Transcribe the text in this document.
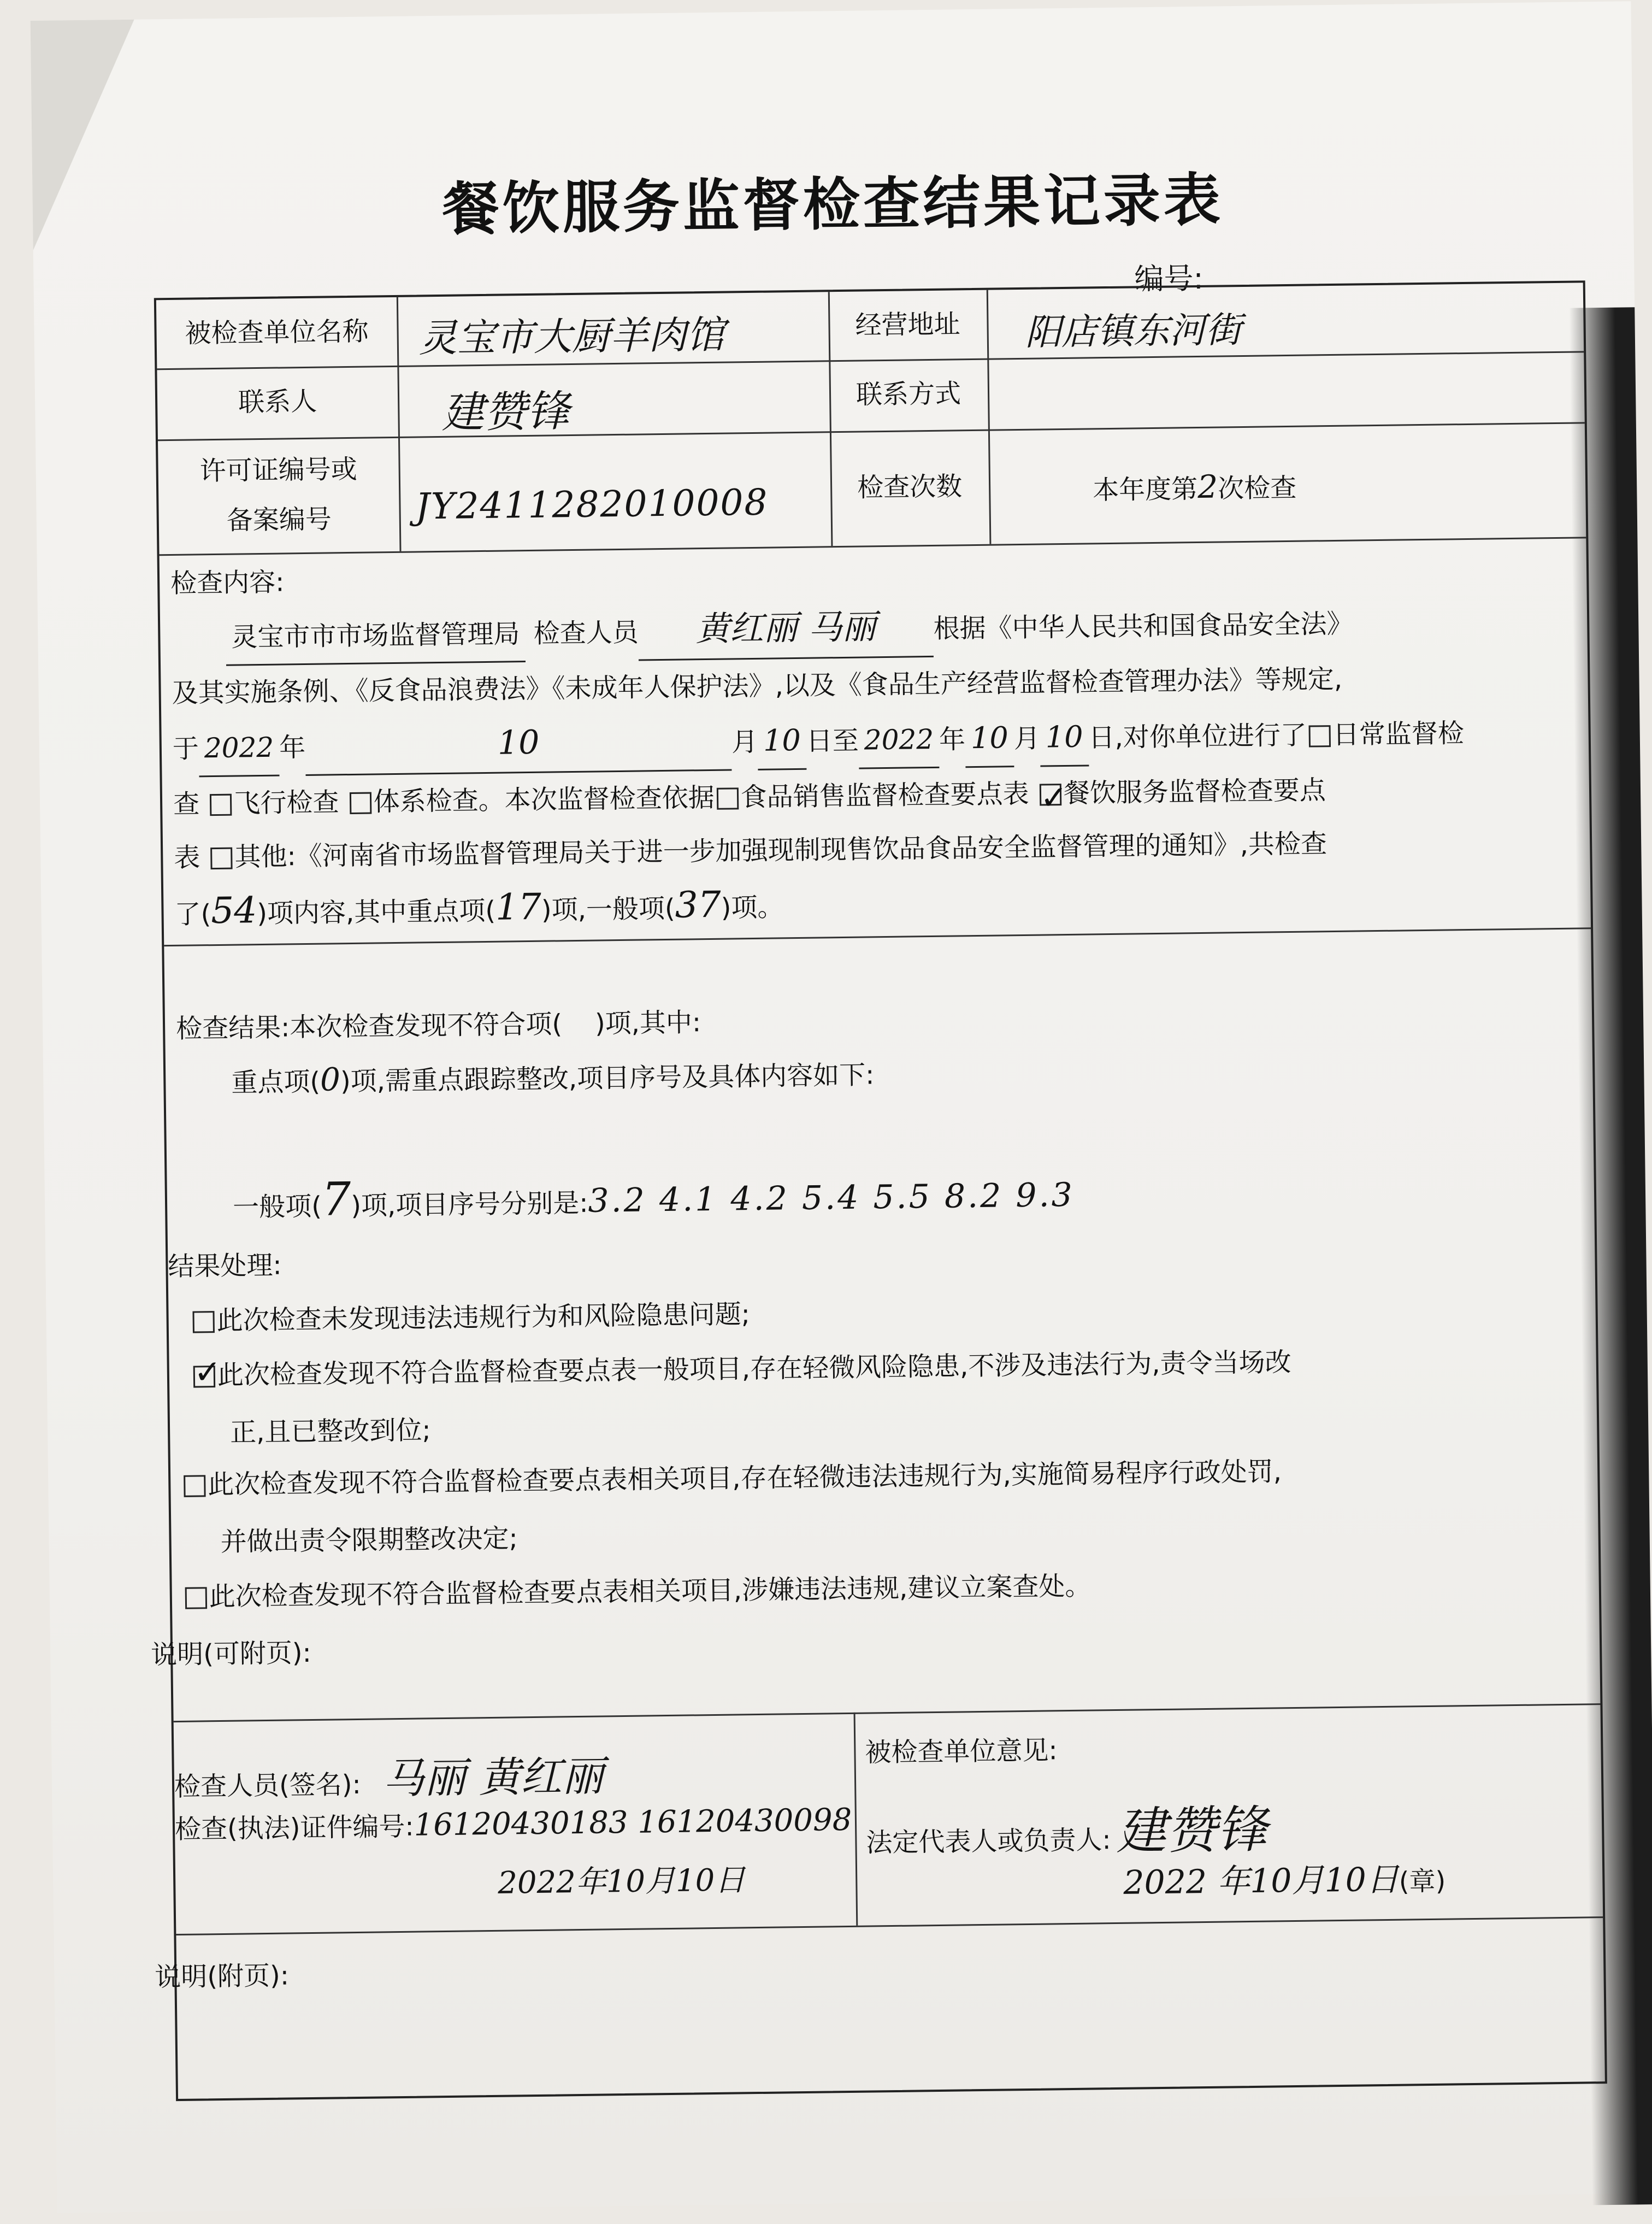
餐饮服务监督检查结果记录表
编号:
被检查单位名称	灵宝市大厨羊肉馆	经营地址	阳店镇东河街
联系人	建赞锋	联系方式
许可证编号或
备案编号 JY2411282010008	检查次数	本年度第2次检查
检查内容:
灵宝市市市场监督管理局 检查人员 黄红丽 马丽 根据《中华人民共和国食品安全法》
及其实施条例、《反食品浪费法》《未成年人保护法》,以及《食品生产经营监督检查管理办法》等规定,
于 2022 年	10	月 10 日至 2022 年 10 月 10 日,对你单位进行了 日常监督检
查 飞行检查 体系检查。本次监督检查依据 食品销售监督检查要点表 ✓ 餐饮服务监督检查要点
表 其他:《河南省市场监督管理局关于进一步加强现制现售饮品食品安全监督管理的通知》,共检查
了(54)项内容,其中重点项(17)项,一般项(37)项。
检查结果:本次检查发现不符合项( )项,其中:
重点项(0)项,需重点跟踪整改,项目序号及具体内容如下:
一般项(7)项,项目序号分别是:3.2 4.1 4.2 5.4 5.5 8.2 9.3
结果处理:
此次检查未发现违法违规行为和风险隐患问题;
✓此次检查发现不符合监督检查要点表一般项目,存在轻微风险隐患,不涉及违法行为,责令当场改
正,且已整改到位;
此次检查发现不符合监督检查要点表相关项目,存在轻微违法违规行为,实施简易程序行政处罚,
并做出责令限期整改决定;
此次检查发现不符合监督检查要点表相关项目,涉嫌违法违规,建议立案查处。
说明(可附页):
检查人员(签名): 马丽 黄红丽
检查(执法)证件编号:16120430183 16120430098
2022年10月10日
被检查单位意见:
法定代表人或负责人:建赞锋
2022 年10月10日(章)
说明(附页):
